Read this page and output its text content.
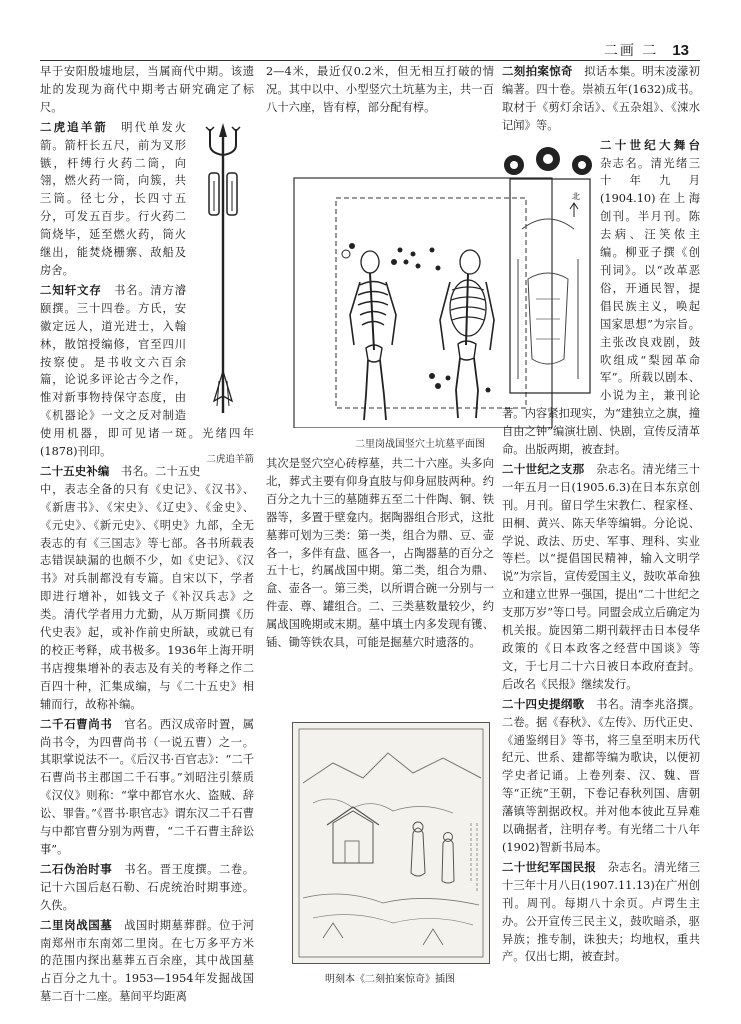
二画 二 13

早于安阳殷墟地层，当属商代中期。该遗址的发现为商代中期考古研究确定了标尺。

二虎追羊箭　 明代单发火箭。箭杆长五尺，前为叉形镞，杆缚行火药二筒，向翎，燃火药一筒，向簇，共三筒。径七分，长四寸五分，可发五百步。行火药二筒烧毕，延至燃火药，筒火继出，能焚烧栅寨、敌船及房舍。

二知轩文存　 书名。清方濬颐撰。三十四卷。方氏，安徽定远人，道光进士，入翰林，散馆授编修，官至四川按察使。是书收文六百余篇，论说多评论古今之作，惟对新事物持保守态度，由《机器论》一文之反对制造使用机器，即可见诸一斑。光绪四年(1878)刊印。
二虎追羊箭

二十五史补编　 书名。二十五史中，表志全备的只有《史记》、《汉书》、《新唐书》、《宋史》、《辽史》、《金史》、《元史》、《新元史》、《明史》九部，全无表志的有《三国志》等七部。各书所载表志错误缺漏的也颇不少，如《史记》、《汉书》对兵制都没有专篇。自宋以下，学者即进行增补，如钱文子《补汉兵志》之类。清代学者用力尤勤，从万斯同撰《历代史表》起，或补作前史所缺，或就已有的校正考释，成书极多。1936年上海开明书店搜集增补的表志及有关的考释之作二百四十种，汇集成编，与《二十五史》相辅而行，故称补编。

二千石曹尚书　 官名。西汉成帝时置，属尚书令，为四曹尚书（一说五曹）之一。其职掌说法不一。《后汉书·百官志》：“二千石曹尚书主郡国二千石事。”刘昭注引蔡质《汉仪》则称：“掌中都官水火、盗贼、辞讼、罪眚。”《晋书·职官志》谓东汉二千石曹与中都官曹分别为两曹，“二千石曹主辞讼事”。

二石伪治时事　 书名。晋王度撰。二卷。记十六国后赵石勒、石虎统治时期事迹。久佚。

二里岗战国墓　 战国时期墓葬群。位于河南郑州市东南郊二里岗。在七万多平方米的范围内探出墓葬五百余座，其中战国墓占百分之九十。1953—1954年发掘战国墓二百十二座。墓间平均距离

2—4米，最近仅0.2米，但无相互打破的情况。其中以中、小型竖穴土坑墓为主，共一百八十六座，皆有椁，部分配有椁。

二里岗战国竖穴土坑墓平面图

其次是竖穴空心砖椁墓，共二十六座。头多向北，葬式主要有仰身直肢与仰身屈肢两种。约百分之九十三的墓随葬五至二十件陶、铜、铁器等，多置于壁龛内。据陶器组合形式，这批墓葬可划为三类：第一类，组合为鼎、豆、壶各一，多伴有盘、匜各一，占陶器墓的百分之五十七，约属战国中期。第二类，组合为鼎、盒、壶各一。第三类，以所谓合碗一分别与一件壶、尊、罐组合。二、三类墓数量较少，约属战国晚期或末期。墓中填土内多发现有镬、锸、锄等铁农具，可能是掘墓穴时遗落的。

明刻本《二刻拍案惊奇》插图

二刻拍案惊奇　 拟话本集。明末凌濛初编著。四十卷。崇祯五年(1632)成书。取材于《剪灯余话》、《五杂俎》、《涑水记闻》等。

北
二十世纪大舞台　杂志名。清光绪三十年九月(1904.10)在上海创刊。半月刊。陈去病、汪笑侬主编。柳亚子撰《创刊词》。以“改革恶俗，开通民智，提倡民族主义，唤起国家思想”为宗旨。主张改良戏剧，鼓吹组成“梨园革命军”。所载以剧本、小说为主，兼刊论著。内容紧扣现实，为“建独立之旗，撞自由之钟”编演壮剧、快剧，宣传反清革命。出版两期，被查封。

二十世纪之支那　 杂志名。清光绪三十一年五月一日(1905.6.3)在日本东京创刊。月刊。留日学生宋教仁、程家柽、田桐、黄兴、陈天华等编辑。分论说、学说、政法、历史、军事、理科、实业等栏。以“提倡国民精神，输入文明学说”为宗旨，宣传爱国主义，鼓吹革命独立和建立世界一强国，提出“二十世纪之支那万岁”等口号。同盟会成立后确定为机关报。旋因第二期刊载抨击日本侵华政策的《日本政客之经营中国谈》等文，于七月二十六日被日本政府查封。后改名《民报》继续发行。

二十四史提纲歌　 书名。清李兆洛撰。二卷。据《春秋》、《左传》、历代正史、《通鉴纲目》等书，将三皇至明末历代纪元、世系、建都等编为歌诀，以便初学史者记诵。上卷列秦、汉、魏、晋等“正统”王朝，下卷记春秋列国、唐朝藩镇等割据政权。并对他本彼此互异难以确据者，注明存考。有光绪二十八年(1902)智新书局本。

二十世纪军国民报　 杂志名。清光绪三十三年十月八日(1907.11.13)在广州创刊。周刊。每期八十余页。卢谔生主办。公开宣传三民主义，鼓吹暗杀，驱异族；推专制，诛独夫；均地权，重共产。仅出七期，被查封。
